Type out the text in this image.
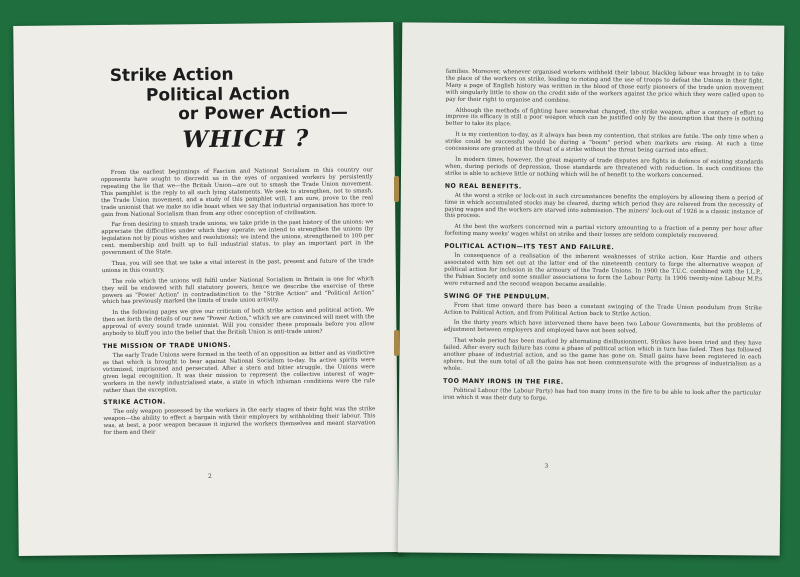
Strike Action
Political Action
or Power Action—
WHICH ?

From the earliest beginnings of Fascism and National Socialism in this country our opponents have sought to discredit us in the eyes of organised workers by persistently repeating the lie that we—the British Union—are out to smash the Trade Union movement. This pamphlet is the reply to all such lying statements. We seek to strengthen, not to smash, the Trade Union movement, and a study of this pamphlet will, I am sure, prove to the real trade unionist that we make no idle boast when we say that industrial organisation has more to gain from National Socialism than from any other conception of civilisation.

Far from desiring to smash trade unions, we take pride in the past history of the unions; we appreciate the difficulties under which they operate; we intend to strengthen the unions (by legislation not by pious wishes and resolutions); we intend the unions, strengthened to 100 per cent. membership and built up to full industrial status, to play an important part in the government of the State.

Thus, you will see that we take a vital interest in the past, present and future of the trade unions in this country.

The role which the unions will fulfil under National Socialism in Britain is one for which they will be endowed with full statutory powers, hence we describe the exercise of these powers as "Power Action" in contradistinction to the "Strike Action" and "Political Action" which has previously marked the limits of trade union activity.

In the following pages we give our criticism of both strike action and political action. We then set forth the details of our new "Power Action," which we are convinced will meet with the approval of every sound trade unionist. Will you consider these proposals before you allow anybody to bluff you into the belief that the British Union is anti-trade union?

THE MISSION OF TRADE UNIONS.

The early Trade Unions were formed in the teeth of an opposition as bitter and as vindictive as that which is brought to bear against National Socialism to-day. Its active spirits were victimized, imprisoned and persecuted. After a stern and bitter struggle, the Unions were given legal recognition. It was their mission to represent the collective interest of wage-workers in the newly industrialised state, a state in which inhuman conditions were the rule rather than the exception.

STRIKE ACTION.

The only weapon possessed by the workers in the early stages of their fight was the strike weapon—the ability to effect a bargain with their employers by withholding their labour. This was, at best, a poor weapon because it injured the workers themselves and meant starvation for them and their

2

families. Moreover, whenever organised workers withheld their labour, blackleg labour was brought in to take the place of the workers on strike, leading to rioting and the use of troops to defeat the Unions in their fight. Many a page of English history was written in the blood of those early pioneers of the trade union movement with singularly little to show on the credit side of the workers against the price which they were called upon to pay for their right to organise and combine.

Although the methods of fighting have somewhat changed, the strike weapon, after a century of effort to improve its efficacy is still a poor weapon which can be justified only by the assumption that there is nothing better to take its place.

It is my contention to-day, as it always has been my contention, that strikes are futile. The only time when a strike could be successful would be during a "boom" period when markets are rising. At such a time concessions are granted at the threat of a strike without the threat being carried into effect.

In modern times, however, the great majority of trade disputes are fights in defence of existing standards when, during periods of depression, those standards are threatened with reduction. In such conditions the strike is able to achieve little or nothing which will be of benefit to the workers concerned.

NO REAL BENEFITS.

At the worst a strike or lock-out in such circumstances benefits the employers by allowing them a period of time in which accumulated stocks may be cleared, during which period they are relieved from the necessity of paying wages and the workers are starved into submission. The miners' lock-out of 1926 is a classic instance of this process.

At the best the workers concerned win a partial victory amounting to a fraction of a penny per hour after forfeiting many weeks' wages whilst on strike and their losses are seldom completely recovered.

POLITICAL ACTION—ITS TEST AND FAILURE.

In consequence of a realisation of the inherent weaknesses of strike action, Keir Hardie and others associated with him set out at the latter end of the nineteenth century to forge the alternative weapon of political action for inclusion in the armoury of the Trade Unions. In 1900 the T.U.C. combined with the I.L.P., the Fabian Society and some smaller associations to form the Labour Party. In 1906 twenty-nine Labour M.P.s were returned and the second weapon became available.

SWING OF THE PENDULUM.

From that time onward there has been a constant swinging of the Trade Union pendulum from Strike Action to Political Action, and from Political Action back to Strike Action.

In the thirty years which have intervened there have been two Labour Governments, but the problems of adjustment between employers and employed have not been solved.

That whole period has been marked by alternating disillusionment. Strikes have been tried and they have failed. After every such failure has come a phase of political action which in turn has failed. Then has followed another phase of industrial action, and so the game has gone on. Small gains have been registered in each sphere, but the sum total of all the gains has not been commensurate with the progress of industrialism as a whole.

TOO MANY IRONS IN THE FIRE.

Political Labour (the Labour Party) has had too many irons in the fire to be able to look after the particular iron which it was their duty to forge.

3
